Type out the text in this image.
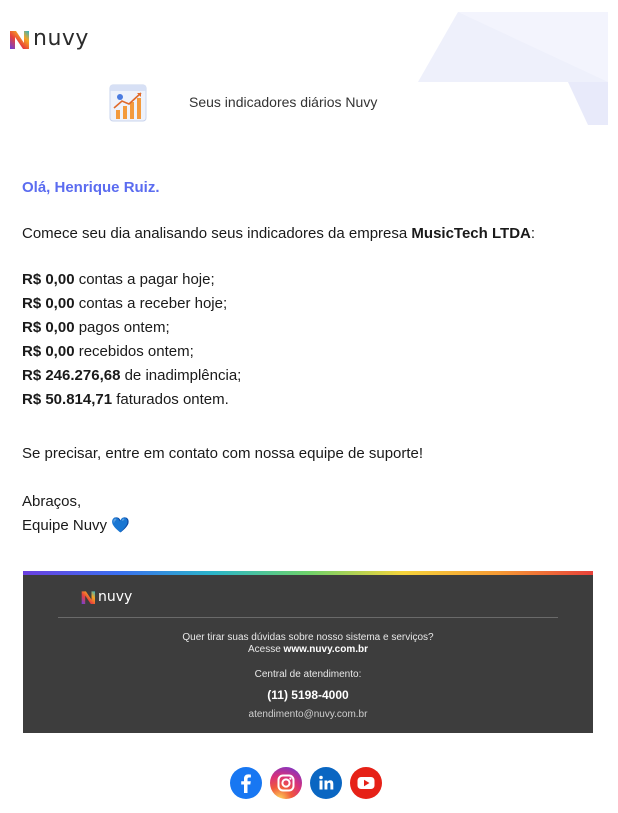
nuvy
Seus indicadores diários Nuvy

Olá, Henrique Ruiz.

Comece seu dia analisando seus indicadores da empresa MusicTech LTDA:

R$ 0,00 contas a pagar hoje;
R$ 0,00 contas a receber hoje;
R$ 0,00 pagos ontem;
R$ 0,00 recebidos ontem;
R$ 246.276,68 de inadimplência;
R$ 50.814,71 faturados ontem.

Se precisar, entre em contato com nossa equipe de suporte!

Abraços,
Equipe Nuvy 💙

nuvy
Quer tirar suas dúvidas sobre nosso sistema e serviços?
Acesse www.nuvy.com.br
Central de atendimento:
(11) 5198-4000
atendimento@nuvy.com.br
